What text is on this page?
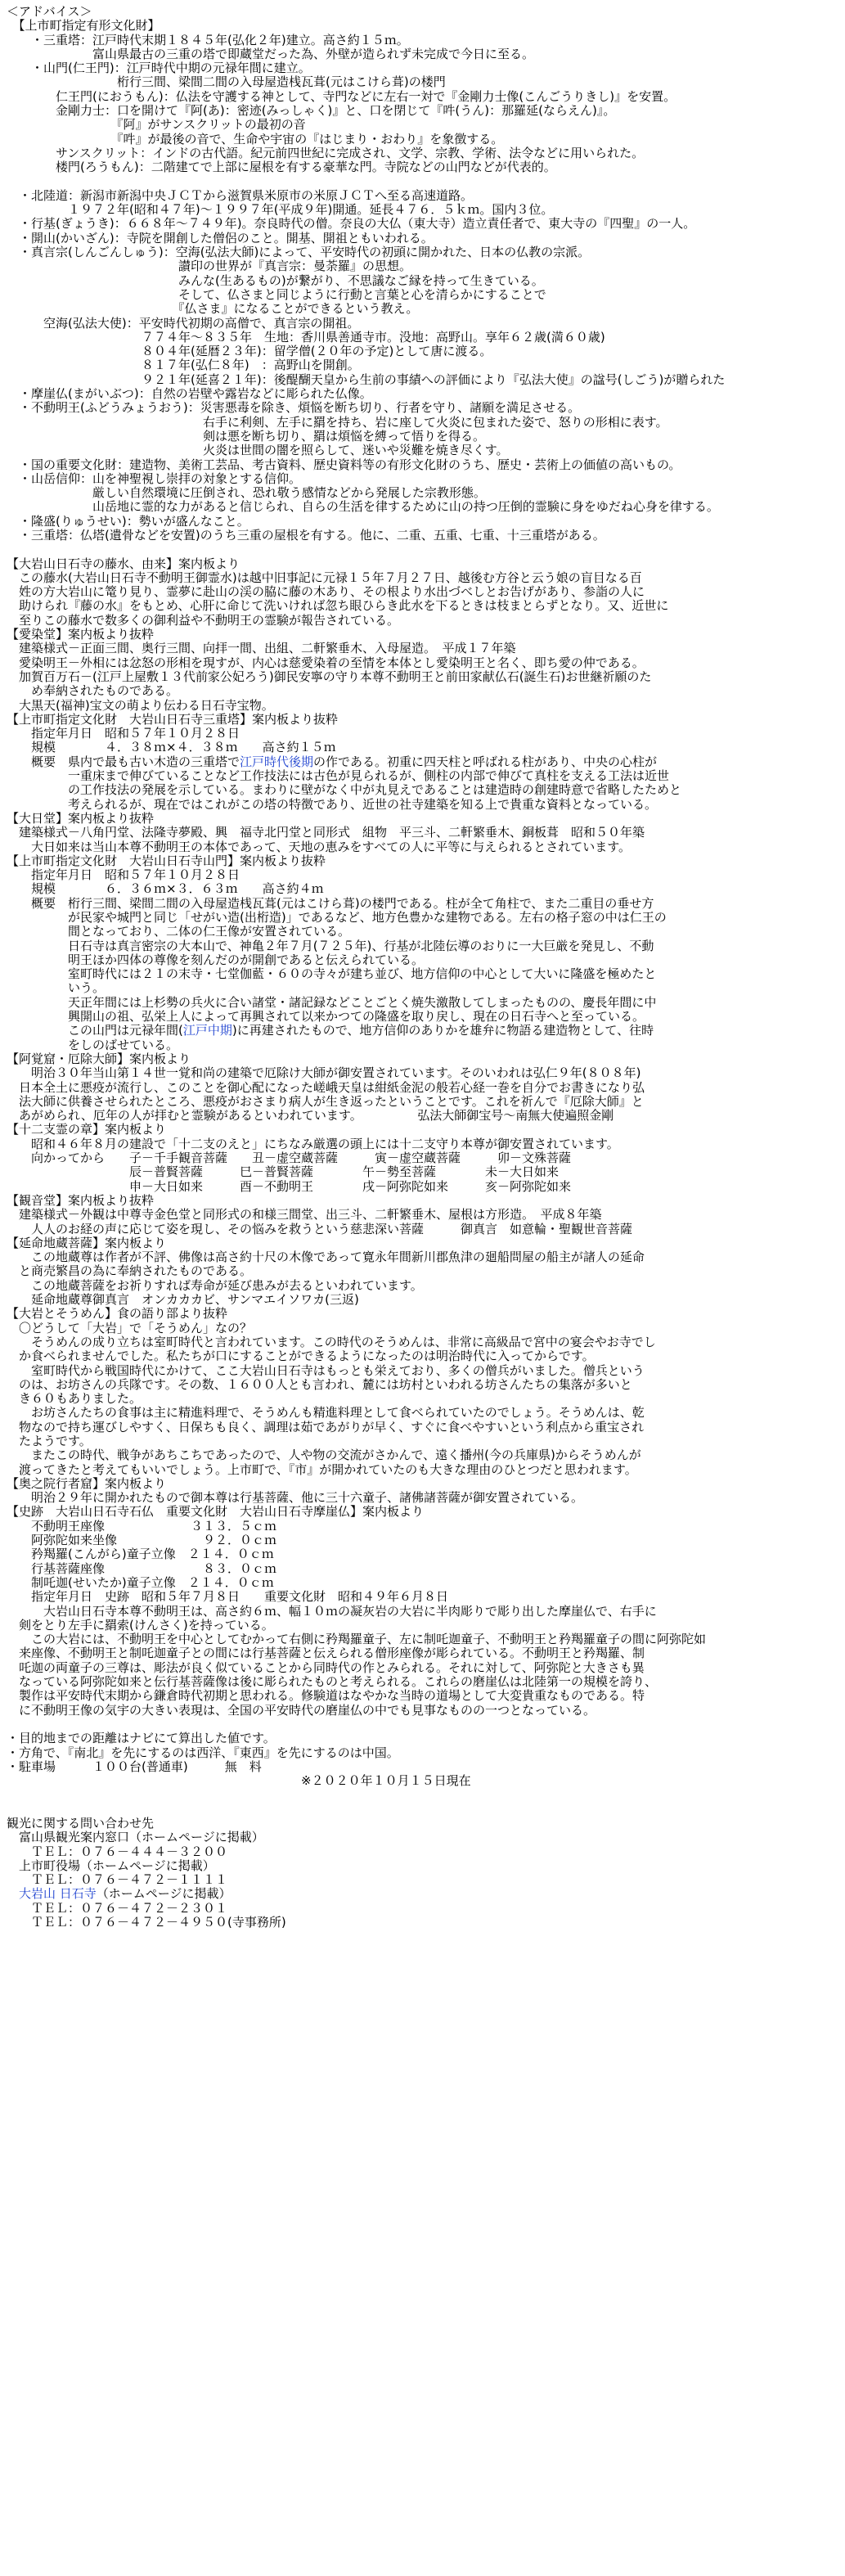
＜アドバイス＞
　【上市町指定有形文化財】
　　・三重塔：江戸時代末期１８４５年(弘化２年)建立。高さ約１５ｍ。
　　　　　　　富山県最古の三重の塔で即蔵堂だった為、外壁が造られず未完成で今日に至る。
　　・山門(仁王門)：江戸時代中期の元禄年間に建立。
　　　　　　　　　桁行三間、梁間二間の入母屋造桟瓦葺(元はこけら葺)の楼門
　　　　仁王門(におうもん)：仏法を守護する神として、寺門などに左右一対で『金剛力士像(こんごうりきし)』を安置。
　　　　金剛力士：口を開けて『阿(あ)：密迹(みっしゃく)』と、口を閉じて『吽(うん)：那羅延(ならえん)』。
　　　　　　　　　『阿』がサンスクリットの最初の音
　　　　　　　　　『吽』が最後の音で、生命や宇宙の『はじまり・おわり』を象徴する。
　　　　サンスクリット：インドの古代語。紀元前四世紀に完成され、文学、宗教、学術、法令などに用いられた。
　　　　楼門(ろうもん)：二階建てで上部に屋根を有する豪華な門。寺院などの山門などが代表的。

　・北陸道：新潟市新潟中央ＪＣＴから滋賀県米原市の米原ＪＣＴへ至る高速道路。
　　　　　１９７２年(昭和４７年)～１９９７年(平成９年)開通。延長４７６．５ｋｍ。国内３位。
　・行基(ぎょうき)：６６８年～７４９年)。奈良時代の僧。奈良の大仏（東大寺）造立責任者で、東大寺の『四聖』の一人。
　・開山(かいざん)：寺院を開創した僧侶のこと。開基、開祖ともいわれる。
　・真言宗(しんごんしゅう)：空海(弘法大師)によって、平安時代の初頭に開かれた、日本の仏教の宗派。
　　　　　　　　　　　　　　讃印の世界が『真言宗：曼荼羅』の思想。
　　　　　　　　　　　　　　みんな(生あるもの)が繋がり、不思議なご縁を持って生きている。
　　　　　　　　　　　　　　そして、仏さまと同じように行動と言葉と心を清らかにすることで
　　　　　　　　　　　　　　『仏さま』になることができるという教え。
　　　空海(弘法大使)：平安時代初期の高僧で、真言宗の開祖。
　　　　　　　　　　　７７４年～８３５年　生地：香川県善通寺市。没地：高野山。享年６２歳(満６０歳)
　　　　　　　　　　　８０４年(延暦２３年)：留学僧(２０年の予定)として唐に渡る。
　　　　　　　　　　　８１７年(弘仁８年)　：高野山を開創。
　　　　　　　　　　　９２１年(延喜２１年)：後醍醐天皇から生前の事績への評価により『弘法大使』の諡号(しごう)が贈られた
　・摩崖仏(まがいぶつ)：自然の岩壁や露岩などに彫られた仏像。
　・不動明王(ふどうみょうおう)：災害悪毒を除き、煩悩を断ち切り、行者を守り、諸願を満足させる。
　　　　　　　　　　　　　　　　右手に利剣、左手に羂を持ち、岩に座して火炎に包まれた姿で、怒りの形相に表す。
　　　　　　　　　　　　　　　　剣は悪を断ち切り、羂は煩悩を縛って悟りを得る。
　　　　　　　　　　　　　　　　火炎は世間の闇を照らして、迷いや災難を焼き尽くす。
　・国の重要文化財：建造物、美術工芸品、考古資料、歴史資料等の有形文化財のうち、歴史・芸術上の価値の高いもの。
　・山岳信仰：山を神聖視し崇拝の対象とする信仰。
　　　　　　　厳しい自然環境に圧倒され、恐れ敬う感情などから発展した宗教形態。
　　　　　　　山岳地に霊的な力があると信じられ、自らの生活を律するために山の持つ圧倒的霊験に身をゆだね心身を律する。
　・隆盛(りゅうせい)：勢いが盛んなこと。
　・三重塔：仏塔(遺骨などを安置)のうち三重の屋根を有する。他に、二重、五重、七重、十三重塔がある。

【大岩山日石寺の藤水、由来】案内板より
　この藤水(大岩山日石寺不動明王御霊水)は越中旧事記に元禄１５年７月２７日、越後む方谷と云う娘の盲目なる百
　姓の方大岩山に篭り見り、霊夢に赴山の渓の脇に藤の木あり、その根より水出づべしとお告げがあり、参詣の人に
　助けられ『藤の水』をもとめ、心肝に命じて洗いければ忽ち眼ひらき此水を下るときは枝まとらずとなり。又、近世に
　至りこの藤水で数多くの御利益や不動明王の霊験が報告されている。
【愛染堂】案内板より抜粋
　建築様式－正面三間、奥行三間、向拝一間、出組、二軒繁垂木、入母屋造。　平成１７年築
　愛染明王－外相には忿怒の形相を現すが、内心は慈愛染着の至情を本体とし愛染明王と名く、即ち愛の仲である。
　加賀百万石－(江戸上屋敷１３代前家公妃ろう)御民安寧の守り本尊不動明王と前田家献仏石(誕生石)お世継祈願のた
　　め奉納されたものである。
　大黒天(福神)宝文の萌より伝わる日石寺宝物。
【上市町指定文化財　大岩山日石寺三重塔】案内板より抜粋
　　指定年月日　昭和５７年１０月２８日
　　規模　　　　４．３８ｍ×４．３８ｍ　　高さ約１５ｍ
　　概要　県内で最も古い木造の三重塔で江戸時代後期の作である。初重に四天柱と呼ばれる柱があり、中央の心柱が
　　　　　一重床まで伸びていることなど工作技法には古色が見られるが、側柱の内部で伸びて真柱を支える工法は近世
　　　　　の工作技法の発展を示している。まわりに壁がなく中が丸見えであることは建造時の創建時意で省略したためと
　　　　　考えられるが、現在ではこれがこの塔の特徴であり、近世の社寺建築を知る上で貴重な資料となっている。
【大日堂】案内板より抜粋
　建築様式－八角円堂、法隆寺夢殿、興　福寺北円堂と同形式　組物　平三斗、二軒繁垂木、銅板葺　昭和５０年築
　　大日如来は当山本尊不動明王の本体であって、天地の恵みをすべての人に平等に与えられるとされています。
【上市町指定文化財　大岩山日石寺山門】案内板より抜粋
　　指定年月日　昭和５７年１０月２８日
　　規模　　　　６．３６ｍ×３．６３ｍ　　高さ約４ｍ
　　概要　桁行三間、梁間二間の入母屋造桟瓦葺(元はこけら葺)の楼門である。柱が全て角柱で、また二重目の垂せ方
　　　　　が民家や城門と同じ「せがい造(出桁造)」であるなど、地方色豊かな建物である。左右の格子窓の中は仁王の
　　　　　間となっており、二体の仁王像が安置されている。
　　　　　日石寺は真言密宗の大本山で、神亀２年７月(７２５年)、行基が北陸伝導のおりに一大巨厳を発見し、不動
　　　　　明王ほか四体の尊像を刻んだのが開創であると伝えられている。
　　　　　室町時代には２１の末寺・七堂伽藍・６０の寺々が建ち並び、地方信仰の中心として大いに隆盛を極めたと
　　　　　いう。
　　　　　天正年間には上杉勢の兵火に合い諸堂・諸記録などことごとく焼失激散してしまったものの、慶長年間に中
　　　　　興開山の祖、弘栄上人によって再興されて以来かつての隆盛を取り戻し、現在の日石寺へと至っている。
　　　　　この山門は元禄年間(江戸中期)に再建されたもので、地方信仰のありかを雄弁に物語る建造物として、往時
　　　　　をしのばせている。
【阿覚窟・厄除大師】案内板より
　　明治３０年当山第１４世一覚和尚の建築で厄除け大師が御安置されています。そのいわれは弘仁９年(８０８年)
　日本全土に悪疫が流行し、このことを御心配になった嵯峨天皇は紺紙金泥の般若心経一巻を自分でお書きになり弘
　法大師に供養させられたところ、悪疫がおさまり病人が生き返ったということです。これを祈んで『厄除大師』と
　あがめられ、厄年の人が拝むと霊験があるといわれています。　　　　　弘法大師御宝号～南無大使遍照金剛
【十二支霊の章】案内板より
　　昭和４６年８月の建設で「十二支のえと」にちなみ厳選の頭上には十二支守り本尊が御安置されています。
　　向かってから　　子－千手観音菩薩　　丑－虚空蔵菩薩　　　寅－虚空蔵菩薩　　　卯－文殊菩薩
　　　　　　　　　　辰－普賢菩薩　　　巳－普賢菩薩　　　　午－勢至菩薩　　　　未－大日如来
　　　　　　　　　　申－大日如来　　　酉－不動明王　　　　戌－阿弥陀如来　　　亥－阿弥陀如来
【観音堂】案内板より抜粋
　建築様式－外観は中尊寺金色堂と同形式の和様三間堂、出三斗、二軒繁垂木、屋根は方形造。　平成８年築
　　人人のお経の声に応じて姿を現し、その悩みを救うという慈悲深い菩薩　　　御真言　如意輪・聖観世音菩薩
【延命地蔵菩薩】案内板より
　　この地蔵尊は作者が不評、佛像は高さ約十尺の木像であって寛永年間新川郡魚津の廻船問屋の船主が諸人の延命
　と商売繁昌の為に奉納されたものである。
　　この地蔵菩薩をお祈りすれば寿命が延び患みが去るといわれています。
　　延命地蔵尊御真言　オンカカカビ、サンマエイソワカ(三返)
【大岩とそうめん】食の語り部より抜粋
　〇どうして「大岩」で「そうめん」なの？
　　そうめんの成り立ちは室町時代と言われています。この時代のそうめんは、非常に高級品で宮中の宴会やお寺でし
　か食べられませんでした。私たちが口にすることができるようになったのは明治時代に入ってからです。
　　室町時代から戦国時代にかけて、ここ大岩山日石寺はもっとも栄えており、多くの僧兵がいました。僧兵という
　のは、お坊さんの兵隊です。その数、１６００人とも言われ、麓には坊村といわれる坊さんたちの集落が多いと
　き６０もありました。
　　お坊さんたちの食事は主に精進料理で、そうめんも精進料理として食べられていたのでしょう。そうめんは、乾
　物なので持ち運びしやすく、日保ちも良く、調理は茹であがりが早く、すぐに食べやすいという利点から重宝され
　たようです。
　　またこの時代、戦争があちこちであったので、人や物の交流がさかんで、遠く播州(今の兵庫県)からそうめんが
　渡ってきたと考えてもいいでしょう。上市町で、『市』が開かれていたのも大きな理由のひとつだと思われます。
【奥之院行者窟】案内板より
　　明治２９年に開かれたもので御本尊は行基菩薩、他に三十六童子、諸佛諸菩薩が御安置されている。
【史跡　大岩山日石寺石仏　重要文化財　大岩山日石寺摩崖仏】案内板より
　　不動明王座像　　　　　　　３１３．５ｃｍ
　　阿弥陀如来坐像　　　　　　　９２．０ｃｍ
　　矜羯羅(こんがら)童子立像　２１４．０ｃｍ
　　行基菩薩座像　　　　　　　　８３．０ｃｍ
　　制吒迦(せいたか)童子立像　２１４．０ｃｍ
　　指定年月日　史跡　昭和５年７月８日　　重要文化財　昭和４９年６月８日
　　　大岩山日石寺本尊不動明王は、高さ約６ｍ、幅１０ｍの凝灰岩の大岩に半肉彫りで彫り出した摩崖仏で、右手に
　剣をとり左手に羂索(けんさく)を持っている。
　　この大岩には、不動明王を中心としてむかって右側に矜羯羅童子、左に制吒迦童子、不動明王と矜羯羅童子の間に阿弥陀如
　来座像、不動明王と制吒迦童子との間には行基菩薩と伝えられる僧形座像が彫られている。不動明王と矜羯羅、制
　吒迦の両童子の三尊は、彫法が良く似ていることから同時代の作とみられる。それに対して、阿弥陀と大きさも異
　なっている阿弥陀如来と伝行基菩薩像は後に彫られたものと考えられる。これらの磨崖仏は北陸第一の規模を誇り、
　製作は平安時代末期から鎌倉時代初期と思われる。修験道はなやかな当時の道場として大変貴重なものである。特
　に不動明王像の気宇の大きい表現は、全国の平安時代の磨崖仏の中でも見事なものの一つとなっている。

・目的地までの距離はナビにて算出した値です。
・方角で、『南北』を先にするのは西洋、『東西』を先にするのは中国。
・駐車場　　　１００台(普通車)　　　無　料
　　　　　　　　　　　　　　　　　　　　　　　　※２０２０年１０月１５日現在

観光に関する問い合わせ先
　富山県観光案内窓口（ホームページに掲載）
　　ＴＥＬ：０７６－４４４－３２００
　上市町役場（ホームページに掲載）
　　ＴＥＬ：０７６－４７２－１１１１
　大岩山 日石寺（ホームページに掲載）
　　ＴＥＬ：０７６－４７２－２３０１
　　ＴＥＬ：０７６－４７２－４９５０(寺事務所)
